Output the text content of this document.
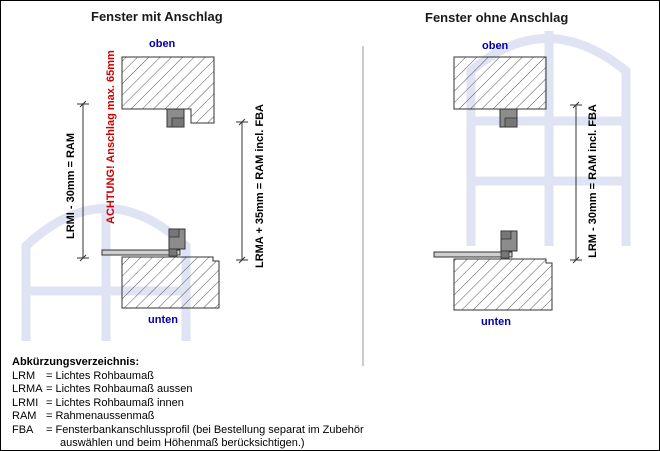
Fenster mit Anschlag	Fenster ohne Anschlag
oben
unten
oben
unten
LRMI - 30mm = RAM	ACHTUNG! Anschlag max. 65mm	LRMA + 35mm = RAM incl. FBA	LRM - 30mm = RAM incl. FBA
Abkürzungsverzeichnis:
LRM = Lichtes Rohbaumaß
LRMA = Lichtes Rohbaumaß aussen
LRMI = Lichtes Rohbaumaß innen
RAM = Rahmenaussenmaß
FBA = Fensterbankanschlussprofil (bei Bestellung separat im Zubehör
auswählen und beim Höhenmaß berücksichtigen.)
